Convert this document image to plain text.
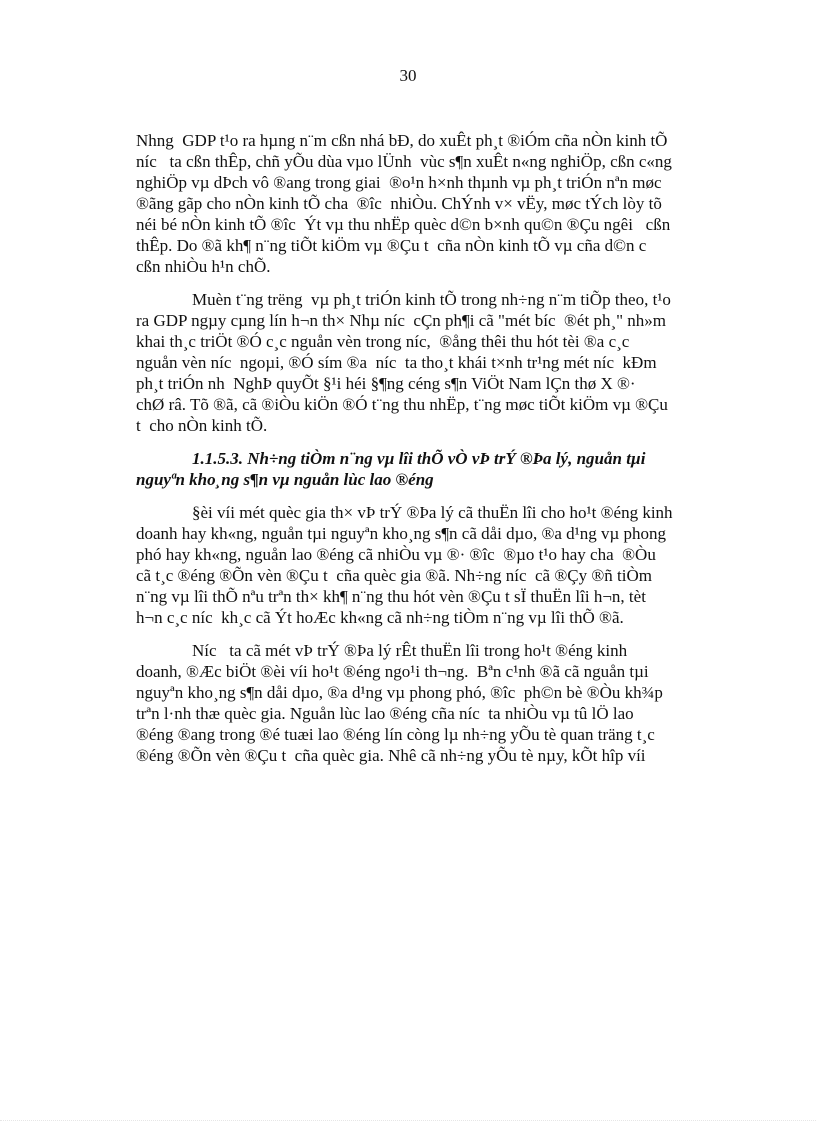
30
Nhng  GDP t¹o ra hµng n¨m cßn nhá bÐ, do xuÊt ph¸t ®iÓm cña nÒn kinh tÕ
níc   ta cßn thÊp, chñ yÕu dùa vµo lÜnh  vùc s¶n xuÊt n«ng nghiÖp, cßn c«ng
nghiÖp vµ dÞch vô ®ang trong giai  ®o¹n h×nh thµnh vµ ph¸t triÓn nªn møc
®ãng gãp cho nÒn kinh tÕ cha  ®îc  nhiÒu. ChÝnh v× vËy, møc tÝch lòy tõ
néi bé nÒn kinh tÕ ®îc  Ýt vµ thu nhËp quèc d©n b×nh qu©n ®Çu ngêi   cßn
thÊp. Do ®ã kh¶ n¨ng tiÕt kiÖm vµ ®Çu t  cña nÒn kinh tÕ vµ cña d©n c
cßn nhiÒu h¹n chÕ.
Muèn t¨ng trëng  vµ ph¸t triÓn kinh tÕ trong nh÷ng n¨m tiÕp theo, t¹o
ra GDP ngµy cµng lín h¬n th× Nhµ níc  cÇn ph¶i cã "mét bíc  ®ét ph¸" nh»m
khai th¸c triÖt ®Ó c¸c nguån vèn trong níc,  ®ång thêi thu hót tèi ®a c¸c
nguån vèn níc  ngoµi, ®Ó sím ®a  níc  ta tho¸t khái t×nh tr¹ng mét níc  kÐm
ph¸t triÓn nh  NghÞ quyÕt §¹i héi §¶ng céng s¶n ViÖt Nam lÇn thø X ®·
chØ râ. Tõ ®ã, cã ®iÒu kiÖn ®Ó t¨ng thu nhËp, t¨ng møc tiÕt kiÖm vµ ®Çu
t  cho nÒn kinh tÕ.
1.1.5.3. Nh÷ng tiÒm n¨ng vµ lîi thÕ vÒ vÞ trÝ ®Þa lý, nguån tµi
nguyªn kho¸ng s¶n vµ nguån lùc lao ®éng
§èi víi mét quèc gia th× vÞ trÝ ®Þa lý cã thuËn lîi cho ho¹t ®éng kinh
doanh hay kh«ng, nguån tµi nguyªn kho¸ng s¶n cã dåi dµo, ®a d¹ng vµ phong
phó hay kh«ng, nguån lao ®éng cã nhiÒu vµ ®· ®îc  ®µo t¹o hay cha  ®Òu
cã t¸c ®éng ®Õn vèn ®Çu t  cña quèc gia ®ã. Nh÷ng níc  cã ®Çy ®ñ tiÒm
n¨ng vµ lîi thÕ nªu trªn th× kh¶ n¨ng thu hót vèn ®Çu t sÏ thuËn lîi h¬n, tèt
h¬n c¸c níc  kh¸c cã Ýt hoÆc kh«ng cã nh÷ng tiÒm n¨ng vµ lîi thÕ ®ã.
Níc   ta cã mét vÞ trÝ ®Þa lý rÊt thuËn lîi trong ho¹t ®éng kinh
doanh, ®Æc biÖt ®èi víi ho¹t ®éng ngo¹i th¬ng.  Bªn c¹nh ®ã cã nguån tµi
nguyªn kho¸ng s¶n dåi dµo, ®a d¹ng vµ phong phó, ®îc  ph©n bè ®Òu kh¾p
trªn l·nh thæ quèc gia. Nguån lùc lao ®éng cña níc  ta nhiÒu vµ tû lÖ lao
®éng ®ang trong ®é tuæi lao ®éng lín còng lµ nh÷ng yÕu tè quan träng t¸c
®éng ®Õn vèn ®Çu t  cña quèc gia. Nhê cã nh÷ng yÕu tè nµy, kÕt hîp víi
